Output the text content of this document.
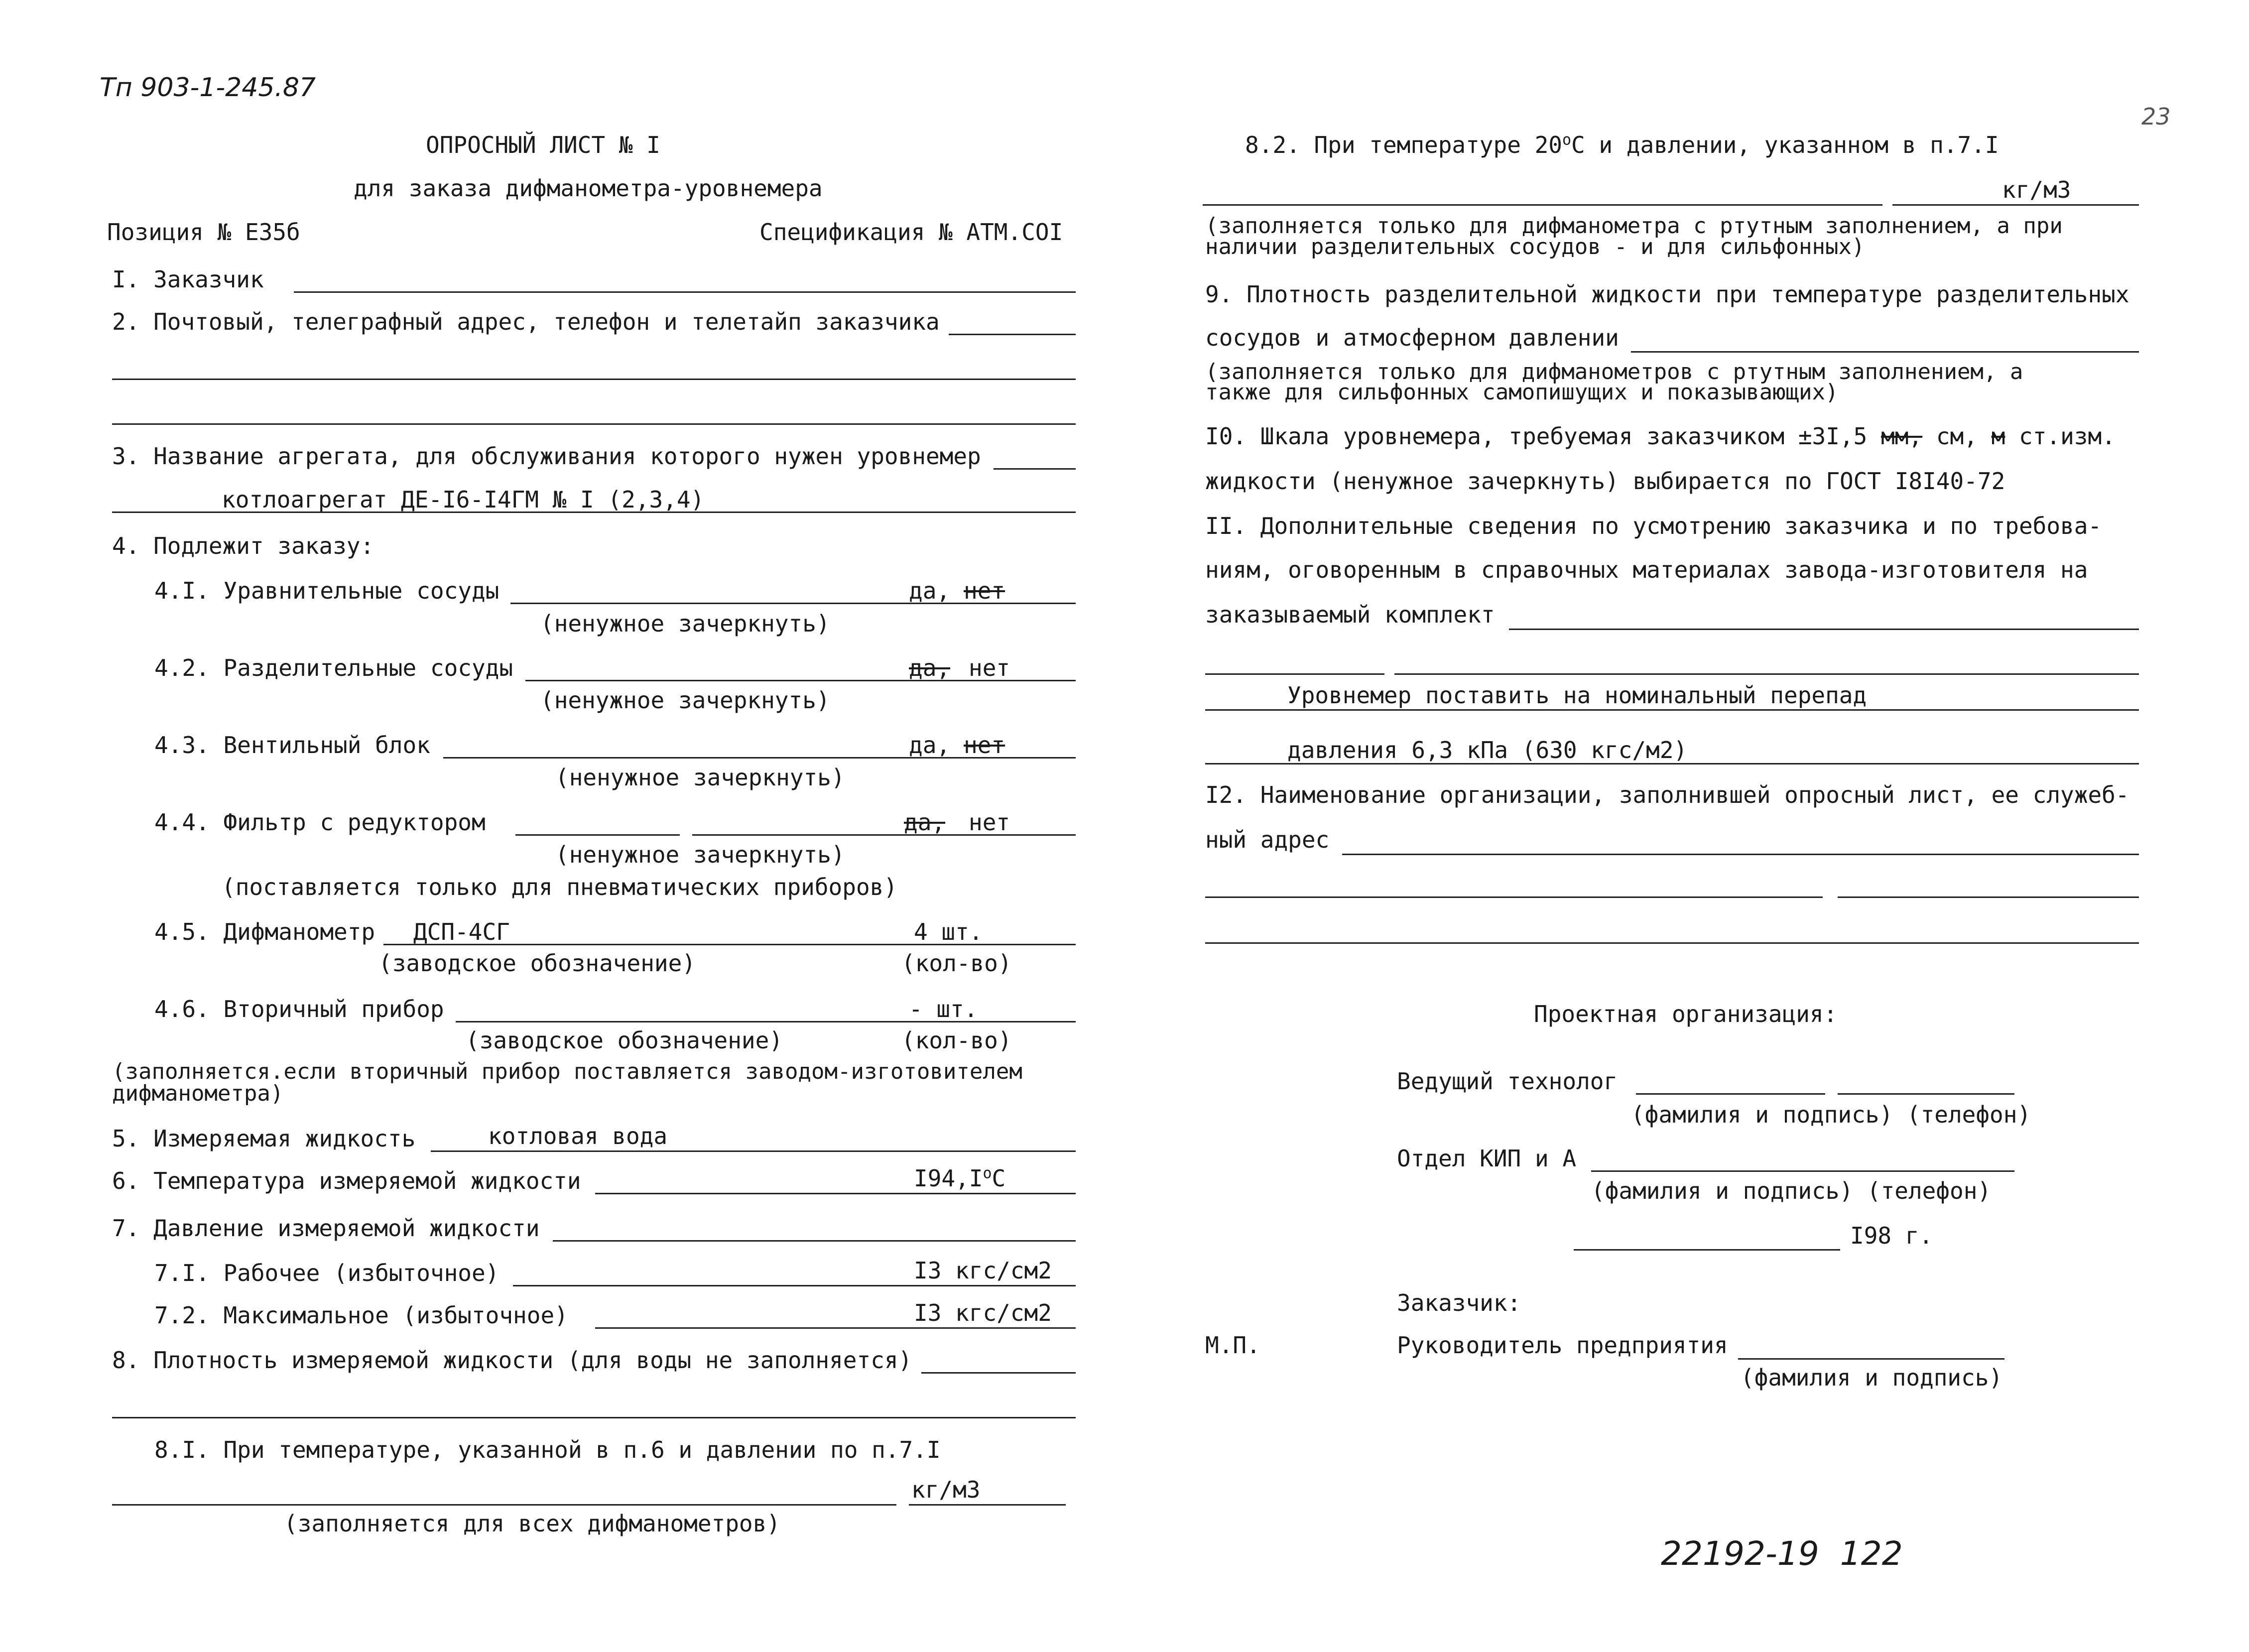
Тп 903-1-245.87
23
ОПРОСНЫЙ ЛИСТ № I
для заказа дифманометра-уровнемера
Позиция № Е35б	Спецификация № АТМ.СОI
I. Заказчик
2. Почтовый, телеграфный адрес, телефон и телетайп заказчика
3. Название агрегата, для обслуживания которого нужен уровнемер
котлоагрегат ДЕ-I6-I4ГМ № I (2,3,4)
4. Подлежит заказу:
4.I. Уравнительные сосуды	да, нет
(ненужное зачеркнуть)
4.2. Разделительные сосуды	да, нет
(ненужное зачеркнуть)
4.3. Вентильный блок	да, нет
(ненужное зачеркнуть)
4.4. Фильтр с редуктором	да, нет
(ненужное зачеркнуть)
(поставляется только для пневматических приборов)
4.5. Дифманометр ДСП-4СГ	4 шт.
(заводское обозначение)	(кол-во)
4.6. Вторичный прибор	- шт.
(заводское обозначение)	(кол-во)
(заполняется.если вторичный прибор поставляется заводом-изготовителем
дифманометра)
5. Измеряемая жидкость	котловая вода
6. Температура измеряемой жидкости	$I94,I^oС$
7. Давление измеряемой жидкости
7.I. Рабочее (избыточное)	I3 кгс/см2
7.2. Максимальное (избыточное)	I3 кгс/см2
8. Плотность измеряемой жидкости (для воды не заполняется)
8.I. При температуре, указанной в п.6 и давлении по п.7.I
кг/м3
(заполняется для всех дифманометров)
8.2. При температуре 20$^o$С и давлении, указанном в п.7.I
кг/м3
(заполняется только для дифманометра с ртутным заполнением, а при
наличии разделительных сосудов - и для сильфонных)
9. Плотность разделительной жидкости при температуре разделительных
сосудов и атмосферном давлении
(заполняется только для дифманометров с ртутным заполнением, а
также для сильфонных самопишущих и показывающих)
I0. Шкала уровнемера, требуемая заказчиком ±3I,5 мм, см, м ст.изм.
жидкости (ненужное зачеркнуть) выбирается по ГОСТ I8I40-72
II. Дополнительные сведения по усмотрению заказчика и по требова-
ниям, оговоренным в справочных материалах завода-изготовителя на
заказываемый комплект
Уровнемер поставить на номинальный перепад
давления 6,3 кПа (630 кгс/м2)
I2. Наименование организации, заполнившей опросный лист, ее служеб-
ный адрес
Проектная организация:
Ведущий технолог
(фамилия и подпись) (телефон)
Отдел КИП и А
(фамилия и подпись) (телефон)
I98 г.
Заказчик:
М.П.	Руководитель предприятия
(фамилия и подпись)
22192-19  122
